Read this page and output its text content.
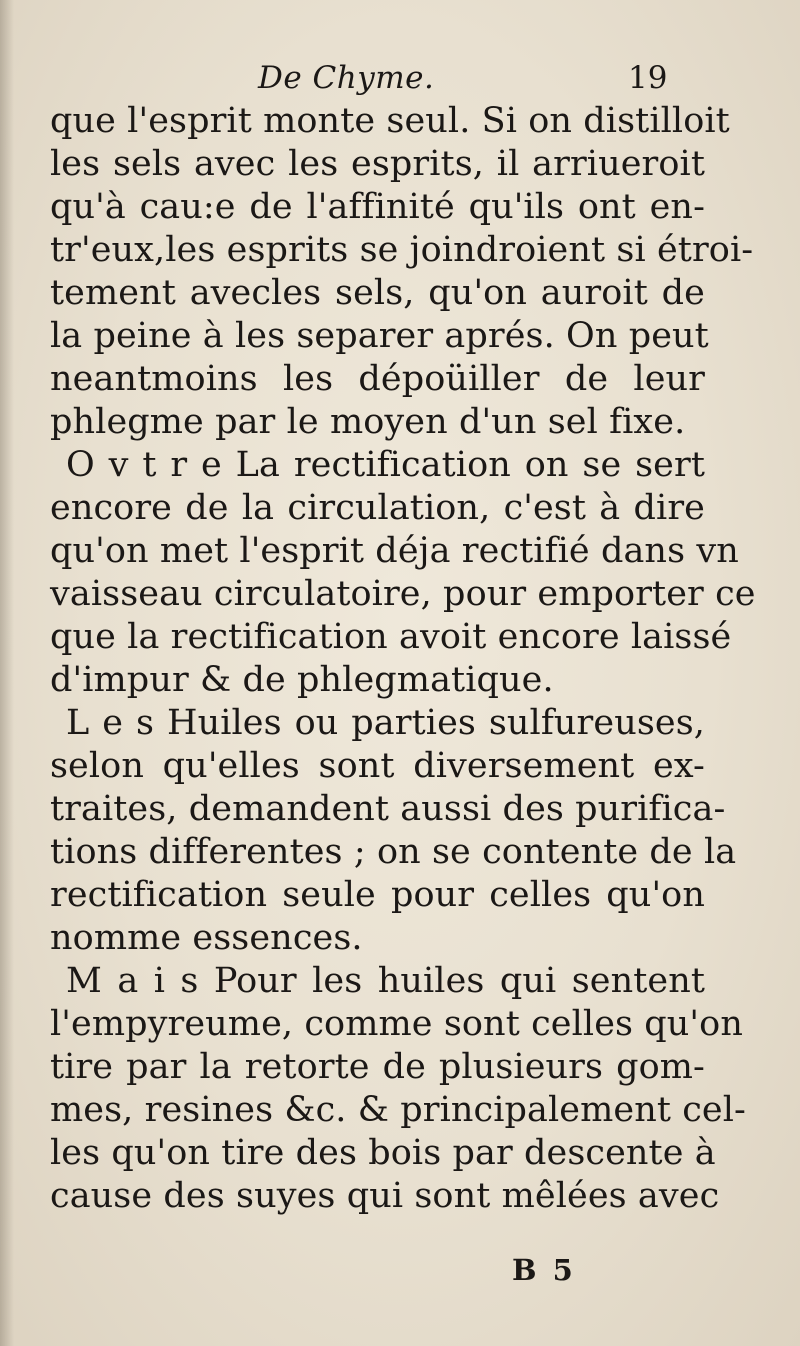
De Chyme.	19
que l'esprit monte seul. Si on distilloit
les sels avec les esprits, il arriueroit
qu'à cau:e de l'affinité qu'ils ont en-
tr'eux,les esprits se joindroient si étroi-
tement avecles sels, qu'on auroit de
la peine à les separer aprés. On peut
neantmoins les dépoüiller de leur
phlegme par le moyen d'un sel fixe.
O v t r e La rectification on se sert
encore de la circulation, c'est à dire
qu'on met l'esprit déja rectifié dans vn
vaisseau circulatoire, pour emporter ce
que la rectification avoit encore laissé
d'impur & de phlegmatique.
L e s Huiles ou parties sulfureuses,
selon qu'elles sont diversement ex-
traites, demandent aussi des purifica-
tions differentes ; on se contente de la
rectification seule pour celles qu'on
nomme essences.
M a i s Pour les huiles qui sentent
l'empyreume, comme sont celles qu'on
tire par la retorte de plusieurs gom-
mes, resines &c. & principalement cel-
les qu'on tire des bois par descente à
cause des suyes qui sont mêlées avec
B 5
